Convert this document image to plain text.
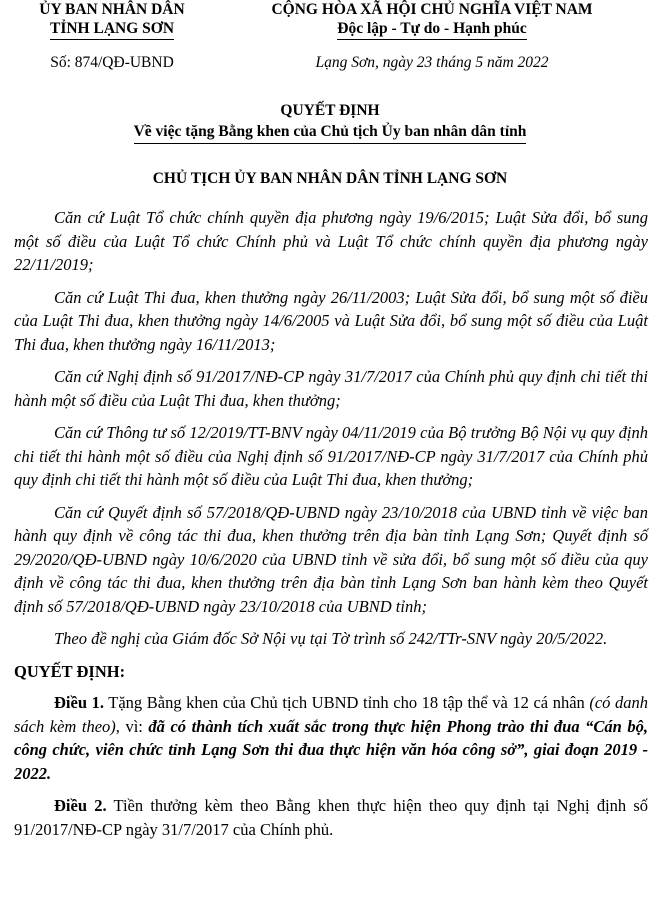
ỦY BAN NHÂN DÂN
TỈNH LẠNG SƠN
CỘNG HÒA XÃ HỘI CHỦ NGHĨA VIỆT NAM
Độc lập - Tự do - Hạnh phúc
Số: 874/QĐ-UBND	Lạng Sơn, ngày 23 tháng 5 năm 2022
QUYẾT ĐỊNH
Về việc tặng Bằng khen của Chủ tịch Ủy ban nhân dân tỉnh
CHỦ TỊCH ỦY BAN NHÂN DÂN TỈNH LẠNG SƠN

Căn cứ Luật Tổ chức chính quyền địa phương ngày 19/6/2015; Luật Sửa đổi, bổ sung một số điều của Luật Tổ chức Chính phủ và Luật Tổ chức chính quyền địa phương ngày 22/11/2019;

Căn cứ Luật Thi đua, khen thưởng ngày 26/11/2003; Luật Sửa đổi, bổ sung một số điều của Luật Thi đua, khen thưởng ngày 14/6/2005 và Luật Sửa đổi, bổ sung một số điều của Luật Thi đua, khen thưởng ngày 16/11/2013;

Căn cứ Nghị định số 91/2017/NĐ-CP ngày 31/7/2017 của Chính phủ quy định chi tiết thi hành một số điều của Luật Thi đua, khen thưởng;

Căn cứ Thông tư số 12/2019/TT-BNV ngày 04/11/2019 của Bộ trưởng Bộ Nội vụ quy định chi tiết thi hành một số điều của Nghị định số 91/2017/NĐ-CP ngày 31/7/2017 của Chính phủ quy định chi tiết thi hành một số điều của Luật Thi đua, khen thưởng;

Căn cứ Quyết định số 57/2018/QĐ-UBND ngày 23/10/2018 của UBND tỉnh về việc ban hành quy định về công tác thi đua, khen thưởng trên địa bàn tỉnh Lạng Sơn; Quyết định số 29/2020/QĐ-UBND ngày 10/6/2020 của UBND tỉnh về sửa đổi, bổ sung một số điều của quy định về công tác thi đua, khen thưởng trên địa bàn tỉnh Lạng Sơn ban hành kèm theo Quyết định số 57/2018/QĐ-UBND ngày 23/10/2018 của UBND tỉnh;

Theo đề nghị của Giám đốc Sở Nội vụ tại Tờ trình số 242/TTr-SNV ngày 20/5/2022.

QUYẾT ĐỊNH:

Điều 1. Tặng Bằng khen của Chủ tịch UBND tỉnh cho 18 tập thể và 12 cá nhân (có danh sách kèm theo), vì: đã có thành tích xuất sắc trong thực hiện Phong trào thi đua “Cán bộ, công chức, viên chức tỉnh Lạng Sơn thi đua thực hiện văn hóa công sở”, giai đoạn 2019 - 2022.

Điều 2. Tiền thưởng kèm theo Bằng khen thực hiện theo quy định tại Nghị định số 91/2017/NĐ-CP ngày 31/7/2017 của Chính phủ.
